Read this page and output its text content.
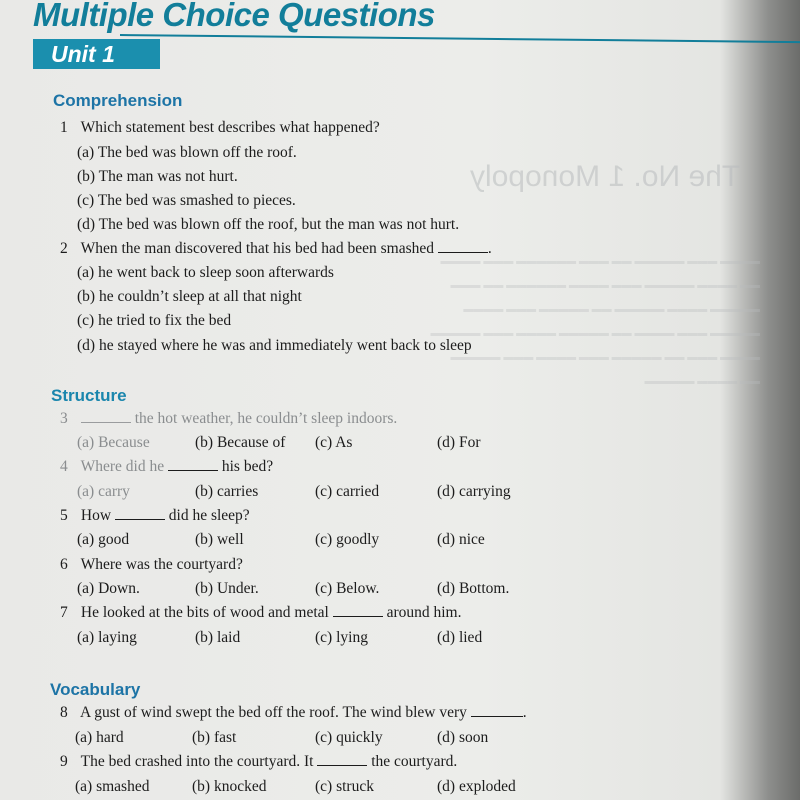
The No. 1 Monopoly
▬▬▬▬ ▬▬▬ ▬▬▬▬▬ ▬▬ ▬▬▬ ▬▬▬▬▬▬ ▬▬▬ ▬▬▬▬ ▬▬ ▬▬▬▬ ▬▬▬▬▬ ▬▬▬ ▬▬▬▬ ▬▬▬▬▬▬ ▬▬ ▬▬▬ ▬▬▬▬▬ ▬▬▬▬ ▬▬▬▬▬ ▬▬ ▬▬▬▬▬ ▬▬▬ ▬▬▬▬ ▬▬▬▬▬ ▬▬▬ ▬▬▬▬ ▬▬ ▬▬▬▬▬ ▬▬▬▬ ▬▬▬ ▬▬▬▬▬ ▬▬▬▬ ▬▬▬ ▬▬ ▬▬▬▬▬ ▬▬▬ ▬▬▬▬ ▬▬▬ ▬▬▬▬▬ ▬▬ ▬▬▬▬ ▬▬▬▬▬
Multiple Choice Questions
Unit 1
Comprehension
1 Which statement best describes what happened?
(a) The bed was blown off the roof.
(b) The man was not hurt.
(c) The bed was smashed to pieces.
(d) The bed was blown off the roof, but the man was not hurt.
2 When the man discovered that his bed had been smashed	.
(a) he went back to sleep soon afterwards
(b) he couldn’t sleep at all that night
(c) he tried to fix the bed
(d) he stayed where he was and immediately went back to sleep
Structure
3	the hot weather, he couldn’t sleep indoors.
(a) Because	(b) Because of (c) As	(d) For
4 Where did he	his bed?
(a) carry	(b) carries	(c) carried	(d) carrying
5 How	did he sleep?
(a) good	(b) well	(c) goodly	(d) nice
6 Where was the courtyard?
(a) Down.	(b) Under.	(c) Below.	(d) Bottom.
7 He looked at the bits of wood and metal	around him.
(a) laying	(b) laid	(c) lying	(d) lied
Vocabulary
8 A gust of wind swept the bed off the roof. The wind blew very	.
(a) hard	(b) fast	(c) quickly	(d) soon
9 The bed crashed into the courtyard. It	the courtyard.
(a) smashed	(b) knocked	(c) struck	(d) exploded
